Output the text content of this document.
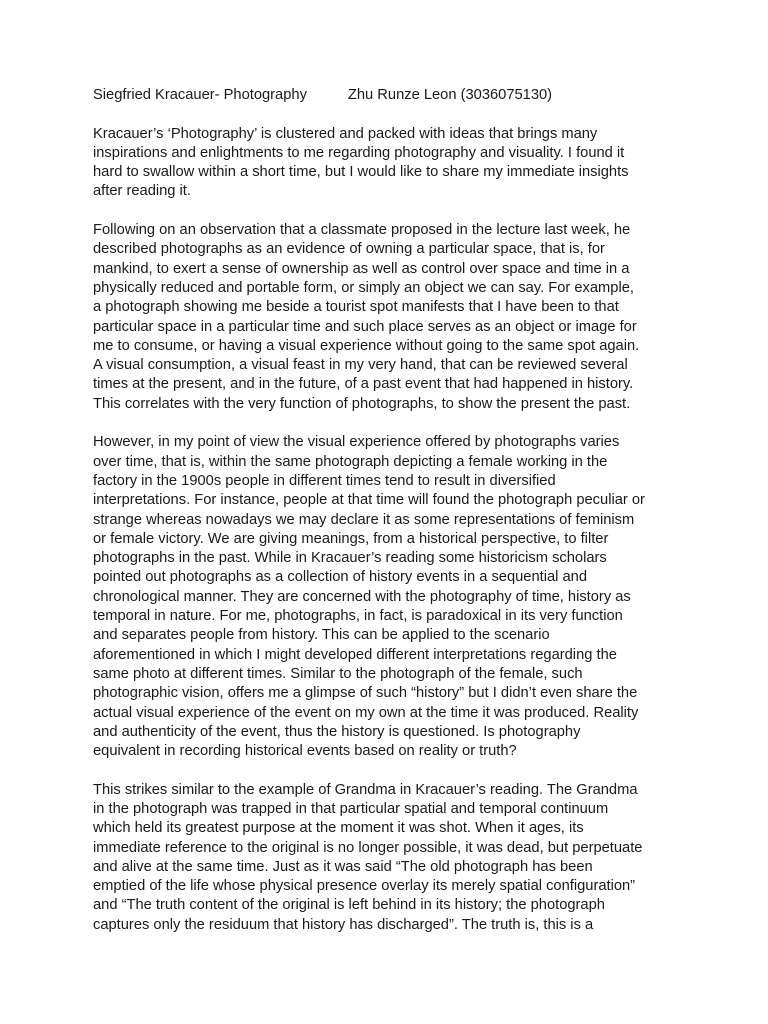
Siegfried Kracauer- Photography	Zhu Runze Leon (3036075130)

Kracauer’s ‘Photography’ is clustered and packed with ideas that brings many
inspirations and enlightments to me regarding photography and visuality. I found it
hard to swallow within a short time, but I would like to share my immediate insights
after reading it.

Following on an observation that a classmate proposed in the lecture last week, he
described photographs as an evidence of owning a particular space, that is, for
mankind, to exert a sense of ownership as well as control over space and time in a
physically reduced and portable form, or simply an object we can say. For example,
a photograph showing me beside a tourist spot manifests that I have been to that
particular space in a particular time and such place serves as an object or image for
me to consume, or having a visual experience without going to the same spot again.
A visual consumption, a visual feast in my very hand, that can be reviewed several
times at the present, and in the future, of a past event that had happened in history.
This correlates with the very function of photographs, to show the present the past.

However, in my point of view the visual experience offered by photographs varies
over time, that is, within the same photograph depicting a female working in the
factory in the 1900s people in different times tend to result in diversified
interpretations. For instance, people at that time will found the photograph peculiar or
strange whereas nowadays we may declare it as some representations of feminism
or female victory. We are giving meanings, from a historical perspective, to filter
photographs in the past. While in Kracauer’s reading some historicism scholars
pointed out photographs as a collection of history events in a sequential and
chronological manner. They are concerned with the photography of time, history as
temporal in nature. For me, photographs, in fact, is paradoxical in its very function
and separates people from history. This can be applied to the scenario
aforementioned in which I might developed different interpretations regarding the
same photo at different times. Similar to the photograph of the female, such
photographic vision, offers me a glimpse of such “history” but I didn’t even share the
actual visual experience of the event on my own at the time it was produced. Reality
and authenticity of the event, thus the history is questioned. Is photography
equivalent in recording historical events based on reality or truth?

This strikes similar to the example of Grandma in Kracauer’s reading. The Grandma
in the photograph was trapped in that particular spatial and temporal continuum
which held its greatest purpose at the moment it was shot. When it ages, its
immediate reference to the original is no longer possible, it was dead, but perpetuate
and alive at the same time. Just as it was said “The old photograph has been
emptied of the life whose physical presence overlay its merely spatial configuration”
and “The truth content of the original is left behind in its history; the photograph
captures only the residuum that history has discharged”. The truth is, this is a
